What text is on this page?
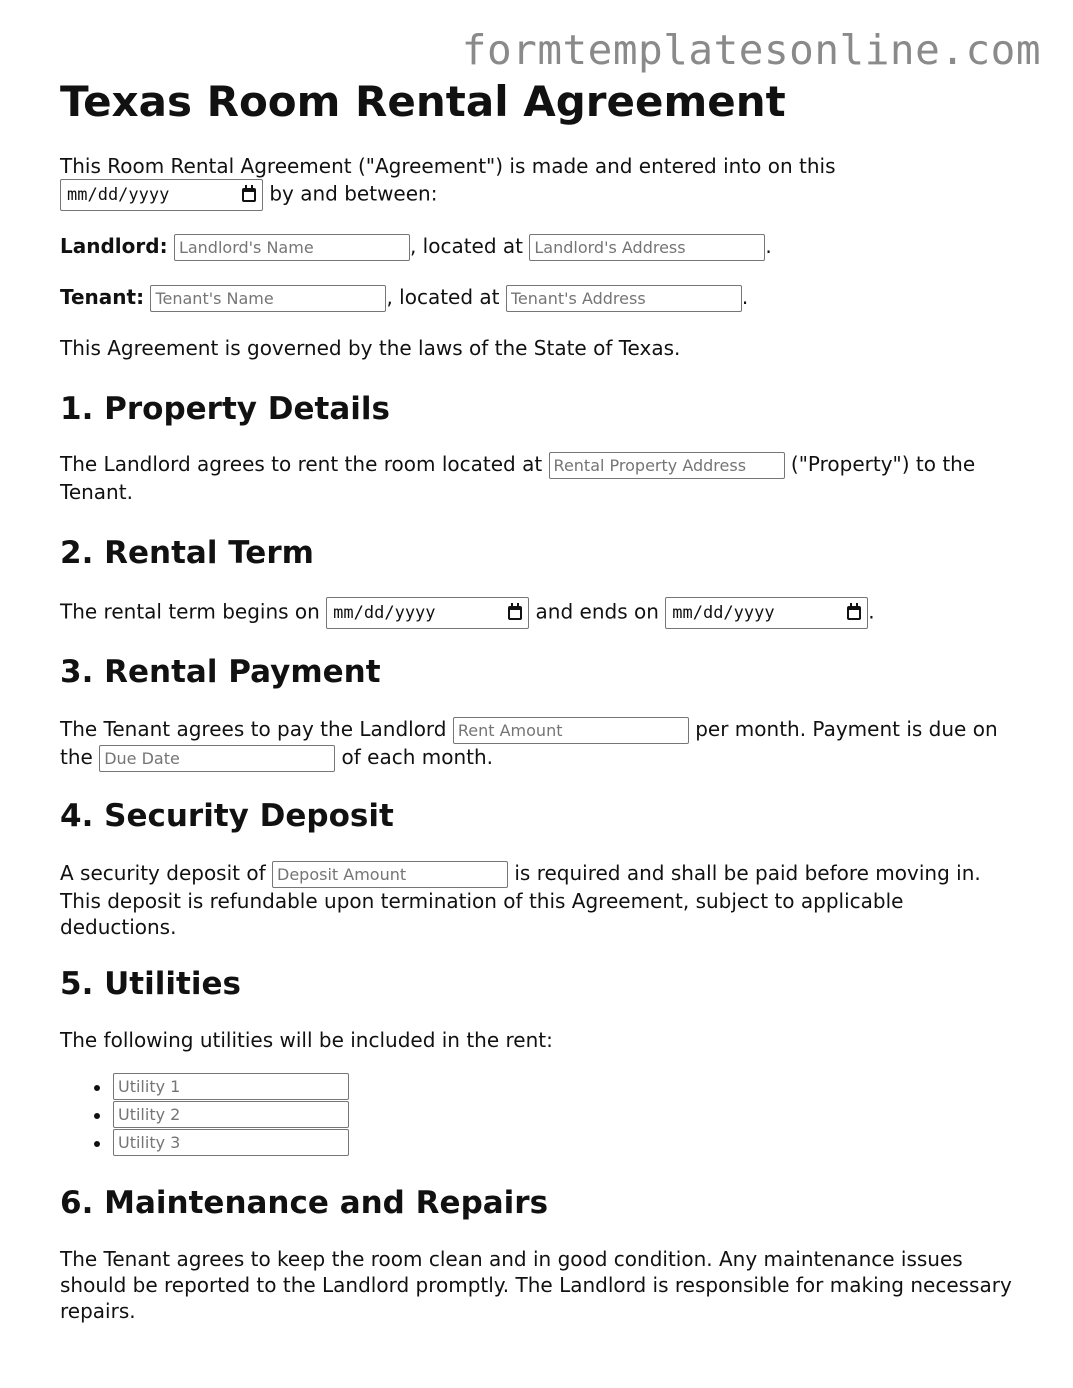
formtemplatesonline.com
Texas Room Rental Agreement

This Room Rental Agreement ("Agreement") is made and entered into on this
mm/dd/yyyy	by and between:

Landlord: Landlord's Name	, located at Landlord's Address	.

Tenant: Tenant's Name	, located at Tenant's Address	.

This Agreement is governed by the laws of the State of Texas.

1. Property Details

The Landlord agrees to rent the room located at Rental Property Address	("Property") to the Tenant.

2. Rental Term

The rental term begins on mm/dd/yyyy	and ends on mm/dd/yyyy	.

3. Rental Payment

The Tenant agrees to pay the Landlord Rent Amount	per month. Payment is due on the Due Date	of each month.

4. Security Deposit

A security deposit of Deposit Amount	is required and shall be paid before moving in. This deposit is refundable upon termination of this Agreement, subject to applicable deductions.

5. Utilities

The following utilities will be included in the rent:

• Utility 1
• Utility 2
• Utility 3
6. Maintenance and Repairs

The Tenant agrees to keep the room clean and in good condition. Any maintenance issues should be reported to the Landlord promptly. The Landlord is responsible for making necessary repairs.
